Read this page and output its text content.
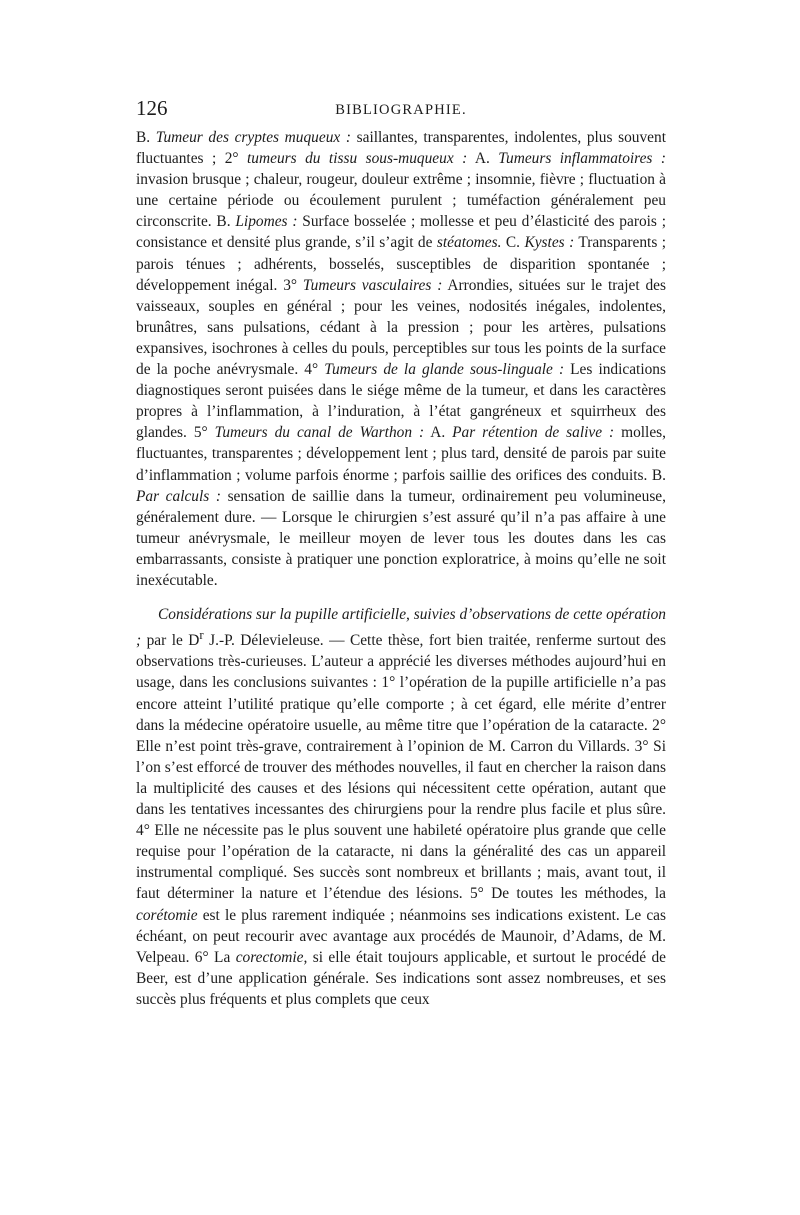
126	BIBLIOGRAPHIE.

B. Tumeur des cryptes muqueux : saillantes, transparentes, indolentes, plus souvent fluctuantes ; 2° tumeurs du tissu sous-muqueux : A. Tumeurs inflammatoires : invasion brusque ; chaleur, rougeur, douleur extrême ; insomnie, fièvre ; fluctuation à une certaine période ou écoulement purulent ; tuméfaction généralement peu circonscrite. B. Lipomes : Surface bosselée ; mollesse et peu d’élasticité des parois ; consistance et densité plus grande, s’il s’agit de stéatomes. C. Kystes : Transparents ; parois ténues ; adhérents, bosselés, susceptibles de disparition spontanée ; développement inégal. 3° Tumeurs vasculaires : Arrondies, situées sur le trajet des vaisseaux, souples en général ; pour les veines, nodosités inégales, indolentes, brunâtres, sans pulsations, cédant à la pression ; pour les artères, pulsations expansives, isochrones à celles du pouls, perceptibles sur tous les points de la surface de la poche anévrysmale. 4° Tumeurs de la glande sous-linguale : Les indications diagnostiques seront puisées dans le siége même de la tumeur, et dans les caractères propres à l’inflammation, à l’induration, à l’état gangréneux et squirrheux des glandes. 5° Tumeurs du canal de Warthon : A. Par rétention de salive : molles, fluctuantes, transparentes ; développement lent ; plus tard, densité de parois par suite d’inflammation ; volume parfois énorme ; parfois saillie des orifices des conduits. B. Par calculs : sensation de saillie dans la tumeur, ordinairement peu volumineuse, généralement dure. — Lorsque le chirurgien s’est assuré qu’il n’a pas affaire à une tumeur anévrysmale, le meilleur moyen de lever tous les doutes dans les cas embarrassants, consiste à pratiquer une ponction exploratrice, à moins qu’elle ne soit inexécutable.

Considérations sur la pupille artificielle, suivies d’observations de cette opération ; par le $D^r$ J.-P. Délevieleuse. — Cette thèse, fort bien traitée, renferme surtout des observations très-curieuses. L’auteur a apprécié les diverses méthodes aujourd’hui en usage, dans les conclusions suivantes : 1° l’opération de la pupille artificielle n’a pas encore atteint l’utilité pratique qu’elle comporte ; à cet égard, elle mérite d’entrer dans la médecine opératoire usuelle, au même titre que l’opération de la cataracte. 2° Elle n’est point très-grave, contrairement à l’opinion de M. Carron du Villards. 3° Si l’on s’est efforcé de trouver des méthodes nouvelles, il faut en chercher la raison dans la multiplicité des causes et des lésions qui nécessitent cette opération, autant que dans les tentatives incessantes des chirurgiens pour la rendre plus facile et plus sûre. 4° Elle ne nécessite pas le plus souvent une habileté opératoire plus grande que celle requise pour l’opération de la cataracte, ni dans la généralité des cas un appareil instrumental compliqué. Ses succès sont nombreux et brillants ; mais, avant tout, il faut déterminer la nature et l’étendue des lésions. 5° De toutes les méthodes, la corétomie est le plus rarement indiquée ; néanmoins ses indications existent. Le cas échéant, on peut recourir avec avantage aux procédés de Maunoir, d’Adams, de M. Velpeau. 6° La corectomie, si elle était toujours applicable, et surtout le procédé de Beer, est d’une application générale. Ses indications sont assez nombreuses, et ses succès plus fréquents et plus complets que ceux
